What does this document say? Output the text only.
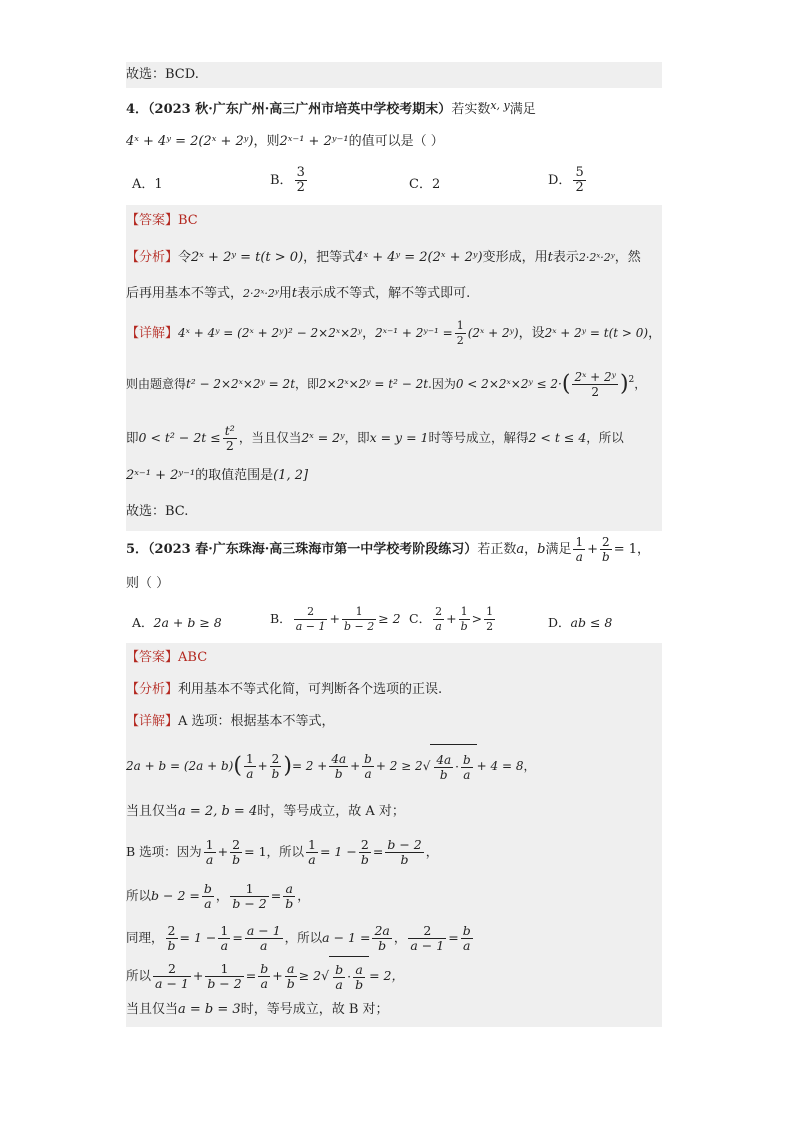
故选：BCD.
4．（2023 秋·广东广州·高三广州市培英中学校考期末）若实数$^{x, y}$满足
4ˣ + 4ʸ = 2(2ˣ + 2ʸ)，则2ˣ⁻¹ + 2ʸ⁻¹的值可以是（ ）
A．1	B． $\frac{3}{2}$	C．2	D． $\frac{5}{2}$
【答案】BC
【分析】令2ˣ + 2ʸ = t(t > 0)，把等式4ˣ + 4ʸ = 2(2ˣ + 2ʸ)变形成，用t表示2·2ˣ·2ʸ，然
后再用基本不等式，2·2ˣ·2ʸ用t表示成不等式，解不等式即可.
【详解】4ˣ + 4ʸ = (2ˣ + 2ʸ)² − 2×2ˣ×2ʸ，2ˣ⁻¹ + 2ʸ⁻¹ = $\frac{1}{2}$ (2ˣ + 2ʸ)，设2ˣ + 2ʸ = t(t > 0)，
则由题意得t² − 2×2ˣ×2ʸ = 2t，即2×2ˣ×2ʸ = t² − 2t.因为0 < 2×2ˣ×2ʸ ≤ $2\cdot( \frac{\text{2ˣ + 2ʸ}}{2} )^2$，
即$0 < t^2 - 2t \le \frac{\text{t²}}{2}$ ，当且仅当2ˣ = 2ʸ，即x = y = 1时等号成立，解得2 < t ≤ 4，所以
2ˣ⁻¹ + 2ʸ⁻¹的取值范围是(1, 2]
故选：BC.
5．（2023 春·广东珠海·高三珠海市第一中学校考阶段练习）若正数a，b满足 $\frac{1}{a} + \frac{2}{b} = 1$，
则（ ）
A．2a + b ≥ 8	B． $\frac{2}{a - 1} + \frac{1}{b - 2} \ge 2$ C． $\frac{2}{a} + \frac{1}{b} > \frac{1}{2}$	D．ab ≤ 8
【答案】ABC
【分析】利用基本不等式化简，可判断各个选项的正误.
【详解】A 选项：根据基本不等式，
$2a + b = (2a + b)( \frac{1}{a} + \frac{2}{b}$ )= $2 + \frac{4a}{b} + \frac{b}{a} + 2 \ge 2√ \frac{4a}{b} \cdot \frac{b}{a} + 4 = 8$，
当且仅当a = 2, b = 4时，等号成立，故 A 对；
B 选项：因为 $\frac{1}{a} + \frac{2}{b} = 1$，所以 $\frac{1}{a} = 1 - \frac{2}{b} = \frac{b - 2}{b}$ ，
所以$b - 2 = \frac{b}{a}$ ， $\frac{1}{b - 2} = \frac{a}{b}$ ，
同理， $\frac{2}{b} = 1 - \frac{1}{a} = \frac{a - 1}{a}$ ，所以$a - 1 = \frac{2a}{b}$ ， $\frac{2}{a - 1} = \frac{b}{a}$
所以 $\frac{2}{a - 1} + \frac{1}{b - 2} = \frac{b}{a} + \frac{a}{b} \ge 2√ \frac{b}{a} \cdot \frac{a}{b} = 2$，
当且仅当a = b = 3时，等号成立，故 B 对；
